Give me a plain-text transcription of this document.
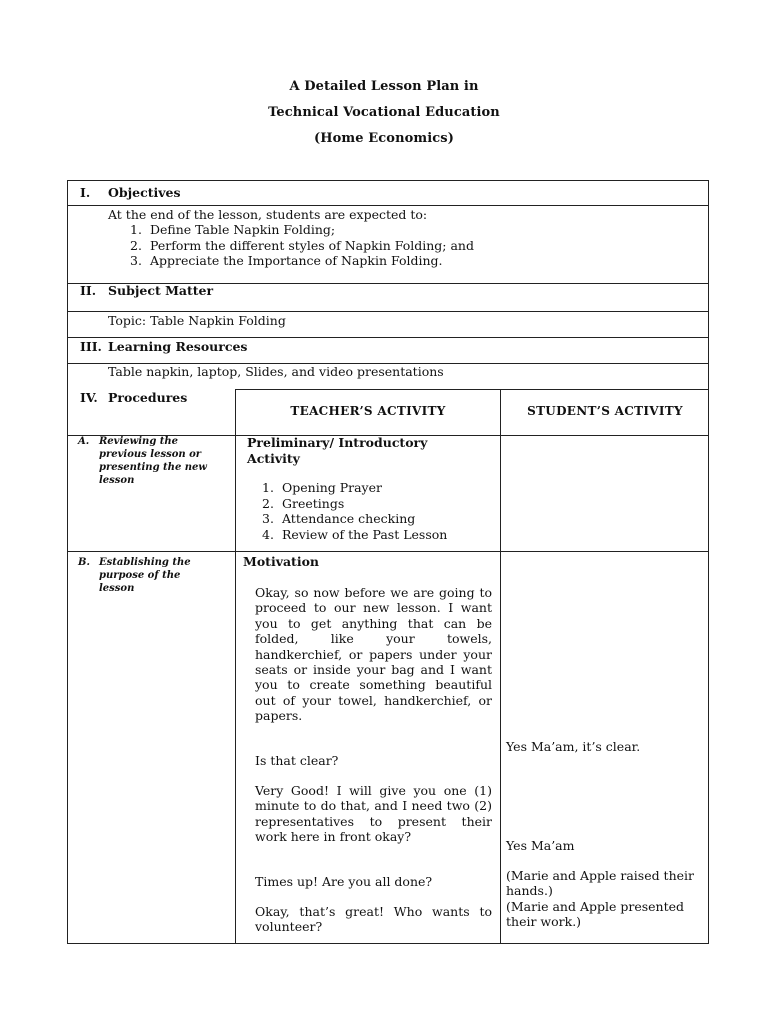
A Detailed Lesson Plan in
Technical Vocational Education
(Home Economics)
I. Objectives
At the end of the lesson, students are expected to:
1. Define Table Napkin Folding;
2. Perform the different styles of Napkin Folding; and
3. Appreciate the Importance of Napkin Folding.
II. Subject Matter
Topic: Table Napkin Folding
III. Learning Resources
Table napkin, laptop, Slides, and video presentations
IV. Procedures
TEACHER’S ACTIVITY	STUDENT’S ACTIVITY
A. Reviewing the
previous lesson or
presenting the new
lesson
Preliminary/ Introductory
Activity
1. Opening Prayer
2. Greetings
3. Attendance checking
4. Review of the Past Lesson
B. Establishing the
purpose of the
lesson
Motivation
Okay, so now before we are going to proceed to our new lesson. I want you to get anything that can be folded, like your towels, handkerchief, or papers under your seats or inside your bag and I want you to create something beautiful out of your towel, handkerchief, or papers.
Is that clear?
Very Good! I will give you one (1) minute to do that, and I need two (2) representatives to present their work here in front okay?
Times up! Are you all done?
Okay, that’s great! Who wants to volunteer?
Yes Ma’am, it’s clear.
Yes Ma’am
(Marie and Apple raised their hands.)
(Marie and Apple presented their work.)
